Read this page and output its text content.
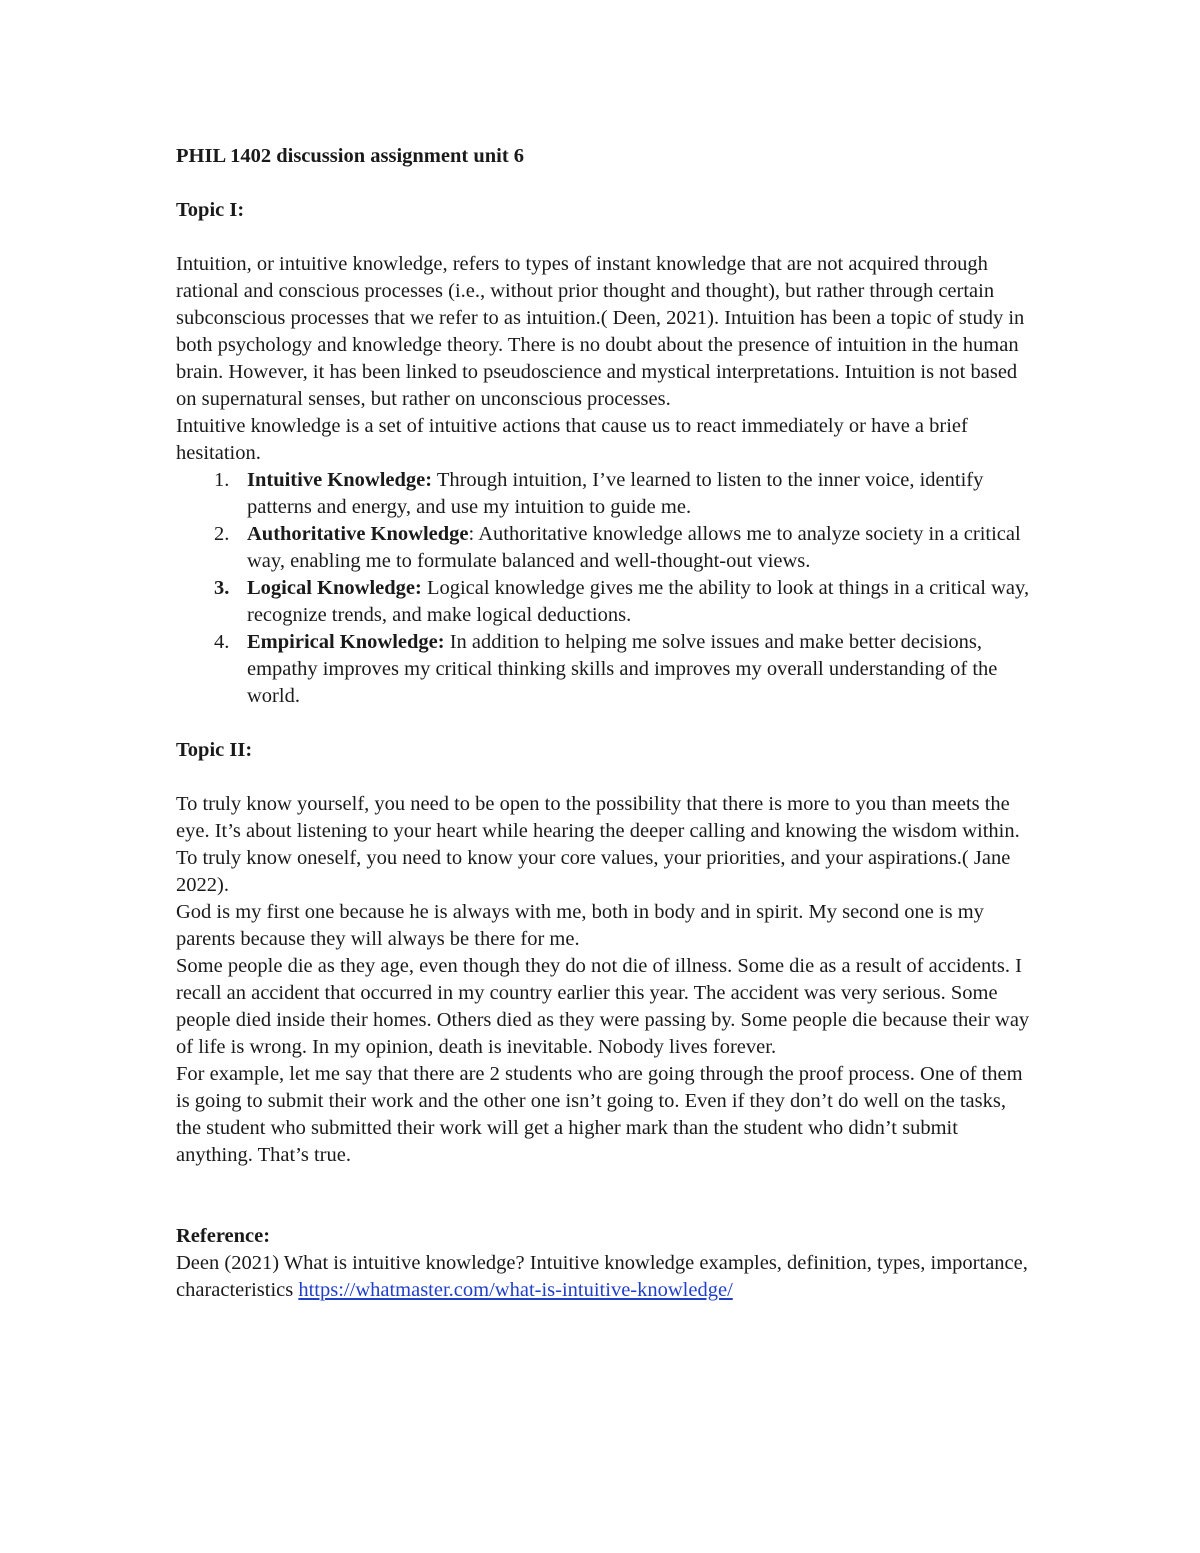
PHIL 1402 discussion assignment unit 6

Topic I:

Intuition, or intuitive knowledge, refers to types of instant knowledge that are not acquired through rational and conscious processes (i.e., without prior thought and thought), but rather through certain subconscious processes that we refer to as intuition.( Deen, 2021). Intuition has been a topic of study in both psychology and knowledge theory. There is no doubt about the presence of intuition in the human brain. However, it has been linked to pseudoscience and mystical interpretations. Intuition is not based on supernatural senses, but rather on unconscious processes.

Intuitive knowledge is a set of intuitive actions that cause us to react immediately or have a brief hesitation.

1. Intuitive Knowledge: Through intuition, I’ve learned to listen to the inner voice, identify patterns and energy, and use my intuition to guide me.
2. Authoritative Knowledge: Authoritative knowledge allows me to analyze society in a critical way, enabling me to formulate balanced and well-thought-out views.
3. Logical Knowledge: Logical knowledge gives me the ability to look at things in a critical way, recognize trends, and make logical deductions.
4. Empirical Knowledge: In addition to helping me solve issues and make better decisions, empathy improves my critical thinking skills and improves my overall understanding of the world.

Topic II:

To truly know yourself, you need to be open to the possibility that there is more to you than meets the eye. It’s about listening to your heart while hearing the deeper calling and knowing the wisdom within. To truly know oneself, you need to know your core values, your priorities, and your aspirations.( Jane 2022).

God is my first one because he is always with me, both in body and in spirit. My second one is my parents because they will always be there for me.

Some people die as they age, even though they do not die of illness. Some die as a result of accidents. I recall an accident that occurred in my country earlier this year. The accident was very serious. Some people died inside their homes. Others died as they were passing by. Some people die because their way of life is wrong. In my opinion, death is inevitable. Nobody lives forever.

For example, let me say that there are 2 students who are going through the proof process. One of them is going to submit their work and the other one isn’t going to. Even if they don’t do well on the tasks, the student who submitted their work will get a higher mark than the student who didn’t submit anything. That’s true.

Reference:

Deen (2021) What is intuitive knowledge? Intuitive knowledge examples, definition, types, importance, characteristics https://whatmaster.com/what-is-intuitive-knowledge/
